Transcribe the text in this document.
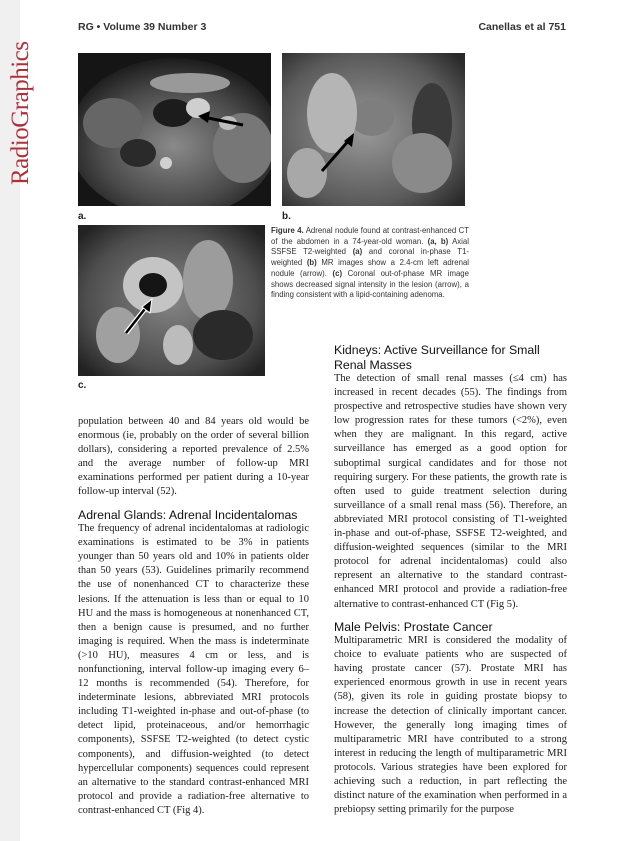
RadioGraphics
RG • Volume 39 Number 3	Canellas et al 751
a.	b.
c.
Figure 4. Adrenal nodule found at contrast-enhanced CT of the abdomen in a 74-year-old woman. (a, b) Axial SSFSE T2-weighted (a) and coronal in-phase T1-weighted (b) MR images show a 2.4-cm left adrenal nodule (arrow). (c) Coronal out-of-phase MR image shows decreased signal intensity in the lesion (arrow), a finding consistent with a lipid-containing adenoma.

population between 40 and 84 years old would be enormous (ie, probably on the order of several billion dollars), considering a reported prevalence of 2.5% and the average number of follow-up MRI examinations performed per patient during a 10-year follow-up interval (52).

Adrenal Glands: Adrenal Incidentalomas

The frequency of adrenal incidentalomas at radiologic examinations is estimated to be 3% in patients younger than 50 years old and 10% in patients older than 50 years (53). Guidelines primarily recommend the use of nonenhanced CT to characterize these lesions. If the attenuation is less than or equal to 10 HU and the mass is homogeneous at nonenhanced CT, then a benign cause is presumed, and no further imaging is required. When the mass is indeterminate (>10 HU), measures 4 cm or less, and is nonfunctioning, interval follow-up imaging every 6–12 months is recommended (54). Therefore, for indeterminate lesions, abbreviated MRI protocols including T1-weighted in-phase and out-of-phase (to detect lipid, proteinaceous, and/or hemorrhagic components), SSFSE T2-weighted (to detect cystic components), and diffusion-weighted (to detect hypercellular components) sequences could represent an alternative to the standard contrast-enhanced MRI protocol and provide a radiation-free alternative to contrast-enhanced CT (Fig 4).

Kidneys: Active Surveillance for Small Renal Masses

The detection of small renal masses (≤4 cm) has increased in recent decades (55). The findings from prospective and retrospective studies have shown very low progression rates for these tumors (<2%), even when they are malignant. In this regard, active surveillance has emerged as a good option for suboptimal surgical candidates and for those not requiring surgery. For these patients, the growth rate is often used to guide treatment selection during surveillance of a small renal mass (56). Therefore, an abbreviated MRI protocol consisting of T1-weighted in-phase and out-of-phase, SSFSE T2-weighted, and diffusion-weighted sequences (similar to the MRI protocol for adrenal incidentalomas) could also represent an alternative to the standard contrast-enhanced MRI protocol and provide a radiation-free alternative to contrast-enhanced CT (Fig 5).

Male Pelvis: Prostate Cancer

Multiparametric MRI is considered the modality of choice to evaluate patients who are suspected of having prostate cancer (57). Prostate MRI has experienced enormous growth in use in recent years (58), given its role in guiding prostate biopsy to increase the detection of clinically important cancer. However, the generally long imaging times of multiparametric MRI have contributed to a strong interest in reducing the length of multiparametric MRI protocols. Various strategies have been explored for achieving such a reduction, in part reflecting the distinct nature of the examination when performed in a prebiopsy setting primarily for the purpose
